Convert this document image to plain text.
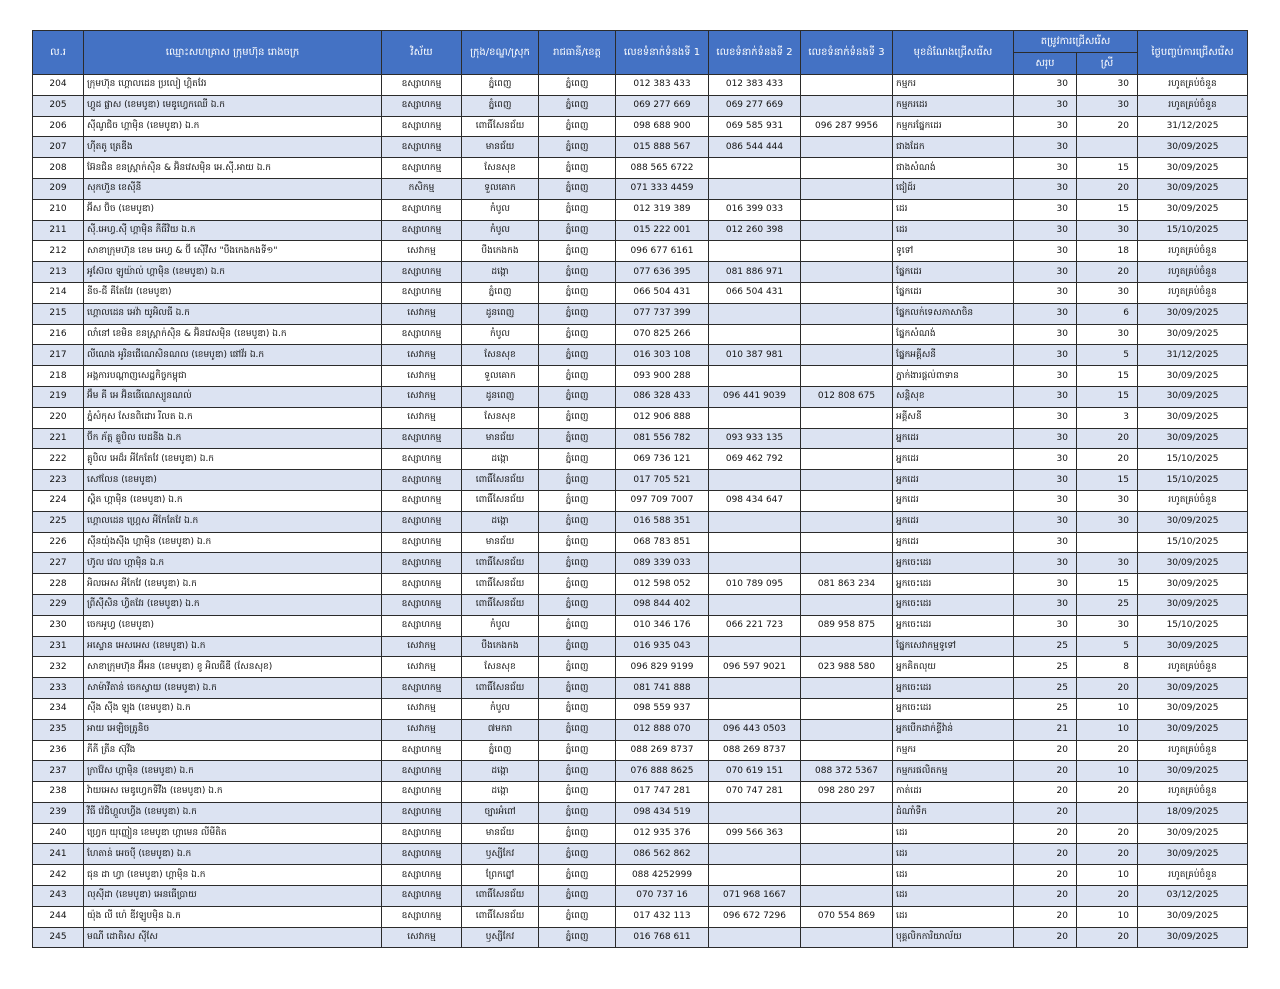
ល.រ	ឈ្មោះសហគ្រាស ក្រុមហ៊ុន រោងចក្រ	វិស័យ	ក្រុង/ខណ្ឌ/ស្រុក	រាជធានី/ខេត្ត	លេខទំនាក់ទំនងទី 1	លេខទំនាក់ទំនងទី 2	លេខទំនាក់ទំនងទី 3	មុខដំណែងជ្រើសរើស	តម្រូវការជ្រើសរើស		ថ្ងៃបញ្ចប់ការជ្រើសរើស
									សរុប	ស្រី	
204	ក្រុមហ៊ុន ហ្គោលដេន ប្រលៀ ហ្គិតវែរ	ឧស្សាហកម្ម	ភ្នំពេញ	ភ្នំពេញ	012 383 433	012 383 433		កម្មករ	30	30	រហូតគ្រប់ចំនួន
205	ហ្គូដ ផ្លាស (ខេមបូឌា) មេឌូហ្វេកឈើ ឯ.ក	ឧស្សាហកម្ម	ភ្នំពេញ	ភ្នំពេញ	069 277 669	069 277 669		កម្មករដេរ	30	30	រហូតគ្រប់ចំនួន
206	ស៊ីណូជិច ហ្គាម៉ិន (ខេមបូឌា) ឯ.ក	ឧស្សាហកម្ម	ពោធិ៍សែនជ័យ	ភ្នំពេញ	098 688 900	069 585 931	096 287 9956	កម្មករផ្នែកដេរ	30	20	31/12/2025
207	ហ៊ីតតូ ត្រេឌីង	ឧស្សាហកម្ម	មានជ័យ	ភ្នំពេញ	015 888 567	086 544 444		ជាងដែក	30		30/09/2025
208	អ៊ែនជិន ខនស្ត្រាក់ស៊ិន & អ៊ិនវេសម៉ិន អេ.ស៊ី.អាយ ឯ.ក	ឧស្សាហកម្ម	សែនសុខ	ភ្នំពេញ	088 565 6722			ជាងសំណង់	30	15	30/09/2025
209	សុកហ៊ួន ខេស៊ីនី	កសិកម្ម	ទួលគោក	ភ្នំពេញ	071 333 4459			ជៀដ៍រ	30	20	30/09/2025
210	អ៊ីស ប៊ិច (ខេមបូឌា)	ឧស្សាហកម្ម	កំបូល	ភ្នំពេញ	012 319 389	016 399 033		ដេរ	30	15	30/09/2025
211	ស៊ី.អេហ្វ.ស៊ី ហ្គាម៉ិន ភីធីវិយ ឯ.ក	ឧស្សាហកម្ម	កំបូល	ភ្នំពេញ	015 222 001	012 260 398		ដេរ	30	30	15/10/2025
212	សាខាក្រុមហ៊ុន ខេម អេហ្វ & ប៊ី ស៊ើវីស "បឹងកេងកងទី១"	សេវាកម្ម	បឹងកេងកង	ភ្នំពេញ	096 677 6161			ទូទៅ	30	18	រហូតគ្រប់ចំនួន
213	អូស៊ែល ឡូយ៉ាល់ ហ្គាម៉ិន (ខេមបូឌា) ឯ.ក	ឧស្សាហកម្ម	ដង្កោ	ភ្នំពេញ	077 636 395	081 886 971		ផ្នែកដេរ	30	20	រហូតគ្រប់ចំនួន
214	នីច-ជី គីតែវែរ (ខេមបូឌា)	ឧស្សាហកម្ម	ភ្នំពេញ	ភ្នំពេញ	066 504 431	066 504 431		ផ្នែកដេរ	30	30	រហូតគ្រប់ចំនួន
215	ហ្គោលដេន អេវ៉ា យូអិលធី ឯ.ក	សេវាកម្ម	ដូនពេញ	ភ្នំពេញ	077 737 399			ផ្នែកលក់ទេសភាសាចិន	30	6	30/09/2025
216	លាំនៅ ខេមិន ខនស្ត្រាក់ស៊ិន & អ៊ិនវេសម៉ិន (ខេមបូឌា) ឯ.ក	ឧស្សាហកម្ម	កំបូល	ភ្នំពេញ	070 825 266			ផ្នែកសំណង់	30	30	30/09/2025
217	លីណេង អូរិនជើណេសិនណល (ខេមបូឌា) ផៅវ័រ ឯ.ក	សេវាកម្ម	សែនសុខ	ភ្នំពេញ	016 303 108	010 387 981		ផ្នែកអគ្គីសនី	30	5	31/12/2025
218	អង្គការបណ្តាញសេដ្ឋកិច្ចកម្ពុជា	សេវាកម្ម	ទួលគោក	ភ្នំពេញ	093 900 288			ភ្នាក់ងារផ្តល់ពាទាន	30	15	30/09/2025
219	អ៊ឹម គី អេ អ៊ិនធើណេស្យូនណល់	សេវាកម្ម	ដូនពេញ	ភ្នំពេញ	086 328 433	096 441 9039	012 808 675	សន្តិសុខ	30	15	30/09/2025
220	ភ្នំសំកុស សែនពិដោរ រីលត ឯ.ក	សេវាកម្ម	សែនសុខ	ភ្នំពេញ	012 906 888			អគ្គីសនី	30	3	30/09/2025
221	ប៊ីក ភ័ត្ត គ្លូបិល បេដនីង ឯ.ក	ឧស្សាហកម្ម	មានជ័យ	ភ្នំពេញ	081 556 782	093 933 135		អ្នកដេរ	30	20	30/09/2025
222	គ្លូបិល អេដ៏រ អីកែតែវែ (ខេមបូឌា) ឯ.ក	ឧស្សាហកម្ម	ដង្កោ	ភ្នំពេញ	069 736 121	069 462 792		អ្នកដេរ	30	20	15/10/2025
223	សៅលែន (ខេមបូឌា)	ឧស្សាហកម្ម	ពោធិ៍សែនជ័យ	ភ្នំពេញ	017 705 521			អ្នកដេរ	30	15	15/10/2025
224	ស្ពិត ហ្គាម៉ិន (ខេមបូឌា) ឯ.ក	ឧស្សាហកម្ម	ពោធិ៍សែនជ័យ	ភ្នំពេញ	097 709 7007	098 434 647		អ្នកដេរ	30	30	រហូតគ្រប់ចំនួន
225	ហ្គោលដេន ហ្គ្រេស អីកែតែវែ ឯ.ក	ឧស្សាហកម្ម	ដង្កោ	ភ្នំពេញ	016 588 351			អ្នកដេរ	30	30	30/09/2025
226	ស៊ីនយ៉ុងស៊ីង ហ្គាម៉ិន (ខេមបូឌា) ឯ.ក	ឧស្សាហកម្ម	មានជ័យ	ភ្នំពេញ	068 783 851			អ្នកដេរ	30		15/10/2025
227	ហ៊ូល វេល ហ្គាម៉ិន ឯ.ក	ឧស្សាហកម្ម	ពោធិ៍សែនជ័យ	ភ្នំពេញ	089 339 033			អ្នកចេះដេរ	30	30	30/09/2025
228	អិលអេស អីកែវែ (ខេមបូឌា) ឯ.ក	ឧស្សាហកម្ម	ពោធិ៍សែនជ័យ	ភ្នំពេញ	012 598 052	010 789 095	081 863 234	អ្នកចេះដេរ	30	15	30/09/2025
229	ព្រីស៊ីសិន ហ្វិតវែរ (ខេមបូឌា) ឯ.ក	ឧស្សាហកម្ម	ពោធិ៍សែនជ័យ	ភ្នំពេញ	098 844 402			អ្នកចេះដេរ	30	25	30/09/2025
230	ចេកអូហ្វ (ខេមបូឌា)	ឧស្សាហកម្ម	កំបូល	ភ្នំពេញ	010 346 176	066 221 723	089 958 875	អ្នកចេះដេរ	30	30	15/10/2025
231	អស្ទោន អេសអេស (ខេមបូឌា) ឯ.ក	សេវាកម្ម	បឹងកេងកង	ភ្នំពេញ	016 935 043			ផ្នែកសេវាកម្មទូទៅ	25	5	30/09/2025
232	សាខាក្រុមហ៊ុន អ៊ីអន (ខេមបូឌា) ខូ អិលធីឌី (សែនសុខ)	សេវាកម្ម	សែនសុខ	ភ្នំពេញ	096 829 9199	096 597 9021	023 988 580	អ្នកគិតលុយ	25	8	រហូតគ្រប់ចំនួន
233	សាម៉ាវីតាន់ ចេកស្វាយ (ខេមបូឌា) ឯ.ក	ឧស្សាហកម្ម	ពោធិ៍សែនជ័យ	ភ្នំពេញ	081 741 888			អ្នកចេះដេរ	25	20	30/09/2025
234	ស៊ីង ស៊ីង ឡុង (ខេមបូឌា) ឯ.ក	សេវាកម្ម	កំបូល	ភ្នំពេញ	098 559 937			អ្នកចេះដេរ	25	10	30/09/2025
235	អាយ អេឡិចត្រូនិច	សេវាកម្ម	៧មករា	ភ្នំពេញ	012 888 070	096 443 0503		អ្នកបើកដាក់ខ្ទីវ៉ាន់	21	10	30/09/2025
236	ភីភី ត្រីន ស៊ុវីង	ឧស្សាហកម្ម	ភ្នំពេញ	ភ្នំពេញ	088 269 8737	088 269 8737		កម្មករ	20	20	រហូតគ្រប់ចំនួន
237	ក្រាវ៉ែស ហ្គាម៉ិន (ខេមបូឌា) ឯ.ក	ឧស្សាហកម្ម	ដង្កោ	ភ្នំពេញ	076 888 8625	070 619 151	088 372 5367	កម្មករផលិតកម្ម	20	10	30/09/2025
238	វ៉ាយអេស មេឌូហ្វេកទីវីង (ខេមបូឌា) ឯ.ក	ឧស្សាហកម្ម	ដង្កោ	ភ្នំពេញ	017 747 281	070 747 281	098 280 297	កាត់ដេរ	20	20	រហូតគ្រប់ចំនួន
239	វីធី វ៉េជិហ្គួលហ្វីង (ខេមបូឌា) ឯ.ក	ឧស្សាហកម្ម	ច្បារអំពៅ	ភ្នំពេញ	098 434 519			ដំណាំទឹក	20		18/09/2025
240	ហ្វ្រេក យុញ្ញៀន ខេមបូឌា ហ្គាមេន លីមីតិត	ឧស្សាហកម្ម	មានជ័យ	ភ្នំពេញ	012 935 376	099 566 363		ដេរ	20	20	30/09/2025
241	ហែតាន់ អេចប៉ី (ខេមបូឌា) ឯ.ក	ឧស្សាហកម្ម	ឫស្សីកែវ	ភ្នំពេញ	086 562 862			ដេរ	20	20	30/09/2025
242	ជុន ដា ហ្វា (ខេមបូឌា) ហ្គាម៉ិន ឯ.ក	ឧស្សាហកម្ម	ព្រែកព្នៅ	ភ្នំពេញ	088 4252999			ដេរ	20	10	រហូតគ្រប់ចំនួន
243	លុស៊ីដា (ខេមបូឌា) អេនធើប្រាយ	ឧស្សាហកម្ម	ពោធិ៍សែនជ័យ	ភ្នំពេញ	070 737 16	071 968 1667		ដេរ	20	20	03/12/2025
244	យ៉ុង លី ហ៉េ ឌីវឡូបម៉ិន ឯ.ក	ឧស្សាហកម្ម	ពោធិ៍សែនជ័យ	ភ្នំពេញ	017 432 113	096 672 7296	070 554 869	ដេរ	20	10	30/09/2025
245	មណី ដោតិរស ស៊ីសែ	សេវាកម្ម	ឫស្សីកែវ	ភ្នំពេញ	016 768 611			បុគ្គលិកការិយាល័យ	20	20	30/09/2025
